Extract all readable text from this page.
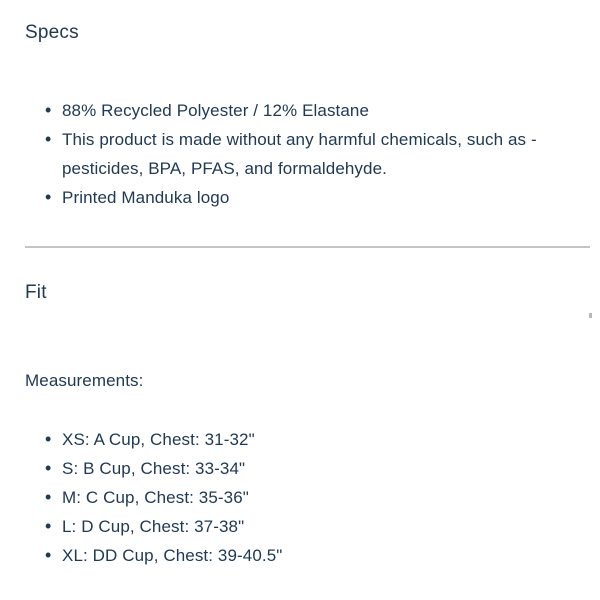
Specs
• 88% Recycled Polyester / 12% Elastane
• This product is made without any harmful chemicals, such as - pesticides, BPA, PFAS, and formaldehyde.
• Printed Manduka logo
Fit

Measurements:

• XS: A Cup, Chest: 31-32"
• S: B Cup, Chest: 33-34"
• M: C Cup, Chest: 35-36"
• L: D Cup, Chest: 37-38"
• XL: DD Cup, Chest: 39-40.5"
